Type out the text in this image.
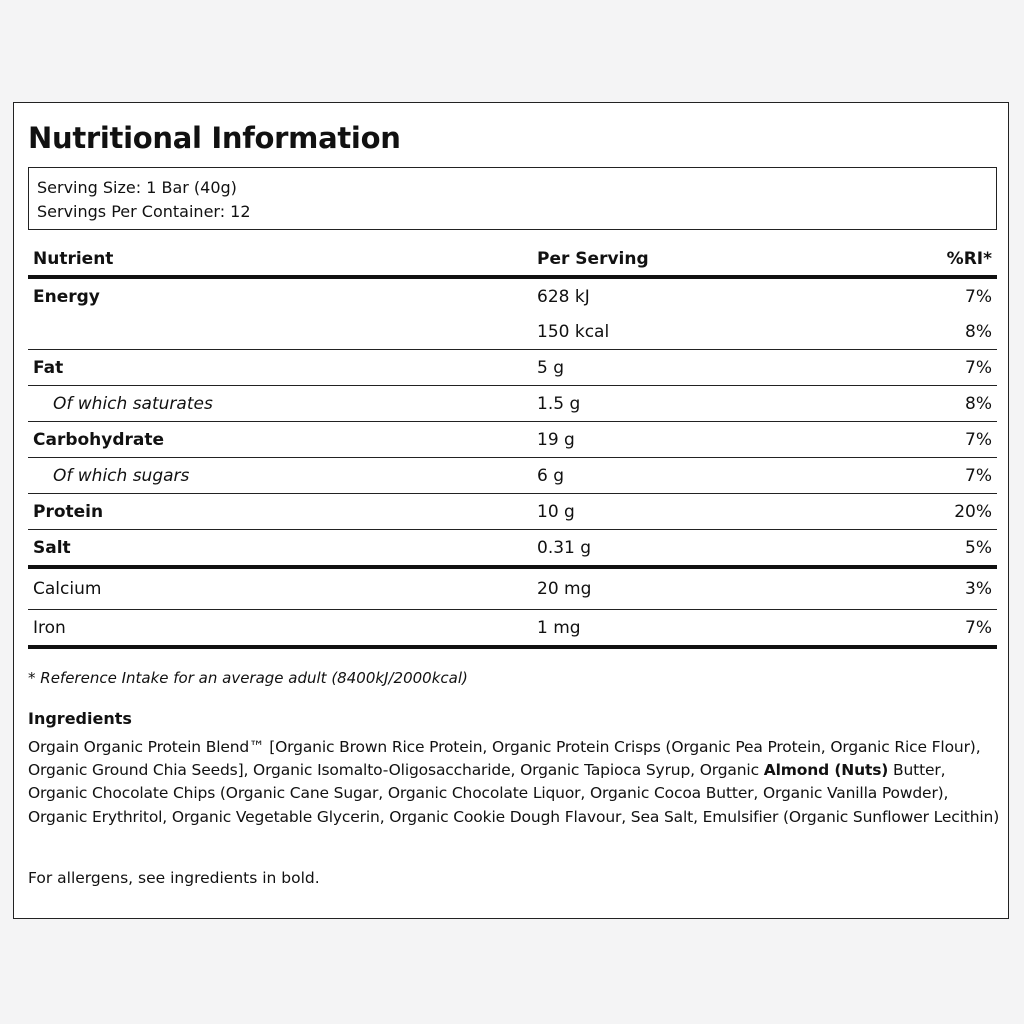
Nutritional Information
Serving Size: 1 Bar (40g)
Servings Per Container: 12
Nutrient	Per Serving	%RI*
Energy	628 kJ	7%
	150 kcal	8%
Fat	5 g	7%
Of which saturates	1.5 g	8%
Carbohydrate	19 g	7%
Of which sugars	6 g	7%
Protein	10 g	20%
Salt	0.31 g	5%
Calcium	20 mg	3%
Iron	1 mg	7%
* Reference Intake for an average adult (8400kJ/2000kcal)
Ingredients
Orgain Organic Protein Blend™ [Organic Brown Rice Protein, Organic Protein Crisps (Organic Pea Protein, Organic Rice Flour), Organic Ground Chia Seeds], Organic Isomalto-Oligosaccharide, Organic Tapioca Syrup, Organic Almond (Nuts) Butter, Organic Chocolate Chips (Organic Cane Sugar, Organic Chocolate Liquor, Organic Cocoa Butter, Organic Vanilla Powder), Organic Erythritol, Organic Vegetable Glycerin, Organic Cookie Dough Flavour, Sea Salt, Emulsifier (Organic Sunflower Lecithin)
For allergens, see ingredients in bold.
